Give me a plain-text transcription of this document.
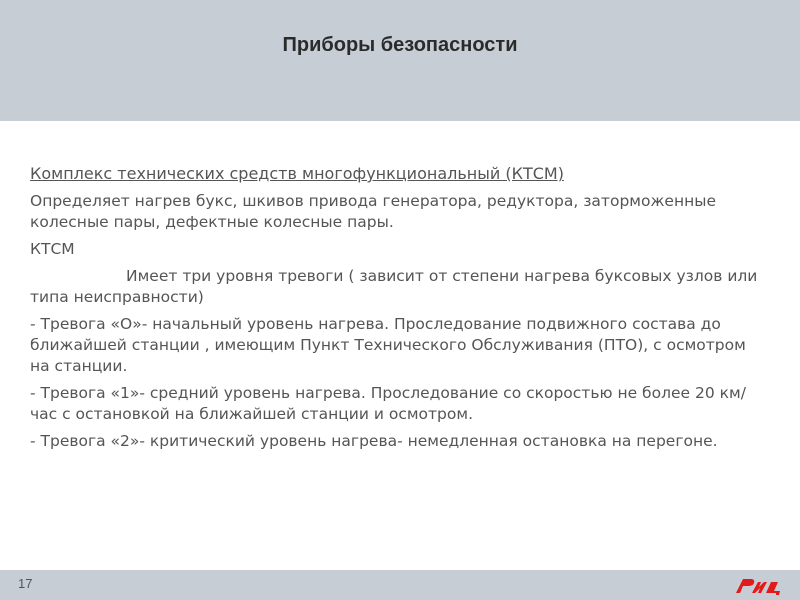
Приборы безопасности
Комплекс технических средств многофункциональный (КТСМ)
Определяет нагрев букс, шкивов привода генератора, редуктора, заторможенные колесные пары, дефектные колесные пары.
КТСМ
Имеет три уровня тревоги ( зависит от степени нагрева буксовых узлов или типа неисправности)
- Тревога «О»- начальный уровень нагрева. Проследование подвижного состава до ближайшей станции , имеющим Пункт Технического Обслуживания (ПТО), с осмотром на станции.
- Тревога «1»- средний уровень нагрева. Проследование со скоростью не более 20 км/час с остановкой на ближайшей станции и осмотром.
- Тревога «2»- критический уровень нагрева- немедленная остановка на перегоне.
17
